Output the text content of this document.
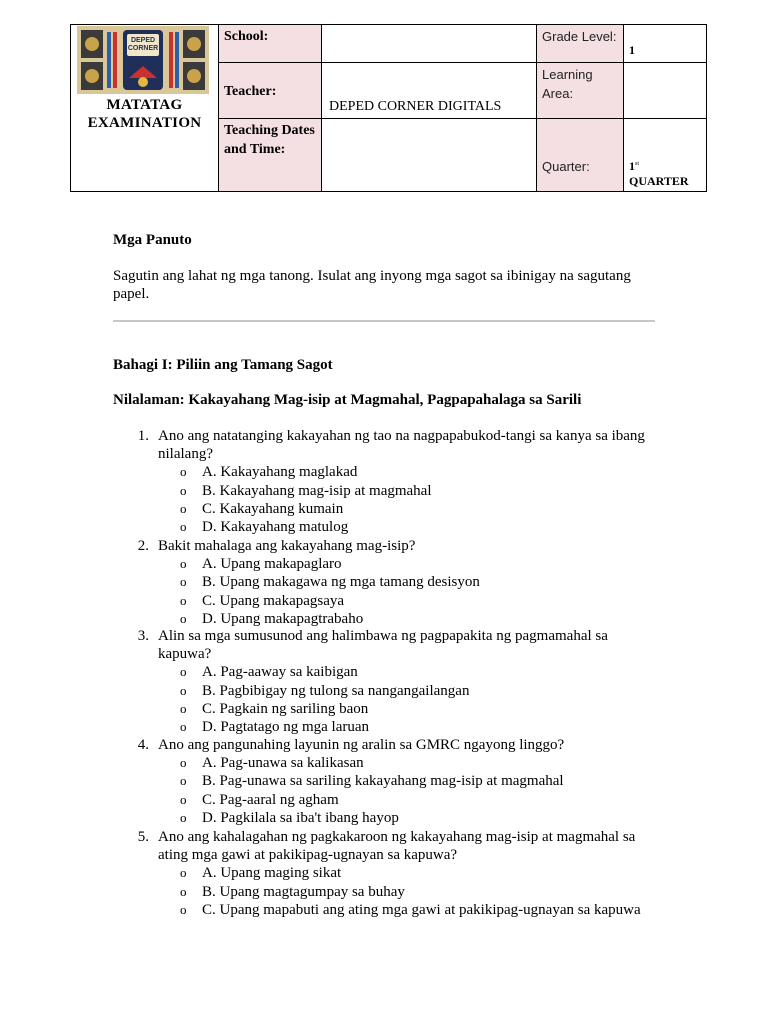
DEPED
CORNER
MATATAG
EXAMINATION	School:		Grade Level:	1
	Teacher:	DEPED CORNER DIGITALS	Learning Area:	
	Teaching Dates and Time:		Quarter:	1st
QUARTER
Mga Panuto
Sagutin ang lahat ng mga tanong. Isulat ang inyong mga sagot sa ibinigay na sagutang papel.
Bahagi I: Piliin ang Tamang Sagot
Nilalaman: Kakayahang Mag-isip at Magmahal, Pagpapahalaga sa Sarili
1. Ano ang natatanging kakayahan ng tao na nagpapabukod-tangi sa kanya sa ibang nilalang?
o A. Kakayahang maglakad
o B. Kakayahang mag-isip at magmahal
o C. Kakayahang kumain
o D. Kakayahang matulog
2. Bakit mahalaga ang kakayahang mag-isip?
o A. Upang makapaglaro
o B. Upang makagawa ng mga tamang desisyon
o C. Upang makapagsaya
o D. Upang makapagtrabaho
3. Alin sa mga sumusunod ang halimbawa ng pagpapakita ng pagmamahal sa kapuwa?
o A. Pag-aaway sa kaibigan
o B. Pagbibigay ng tulong sa nangangailangan
o C. Pagkain ng sariling baon
o D. Pagtatago ng mga laruan
4. Ano ang pangunahing layunin ng aralin sa GMRC ngayong linggo?
o A. Pag-unawa sa kalikasan
o B. Pag-unawa sa sariling kakayahang mag-isip at magmahal
o C. Pag-aaral ng agham
o D. Pagkilala sa iba't ibang hayop
5. Ano ang kahalagahan ng pagkakaroon ng kakayahang mag-isip at magmahal sa ating mga gawi at pakikipag-ugnayan sa kapuwa?
o A. Upang maging sikat
o B. Upang magtagumpay sa buhay
o C. Upang mapabuti ang ating mga gawi at pakikipag-ugnayan sa kapuwa
